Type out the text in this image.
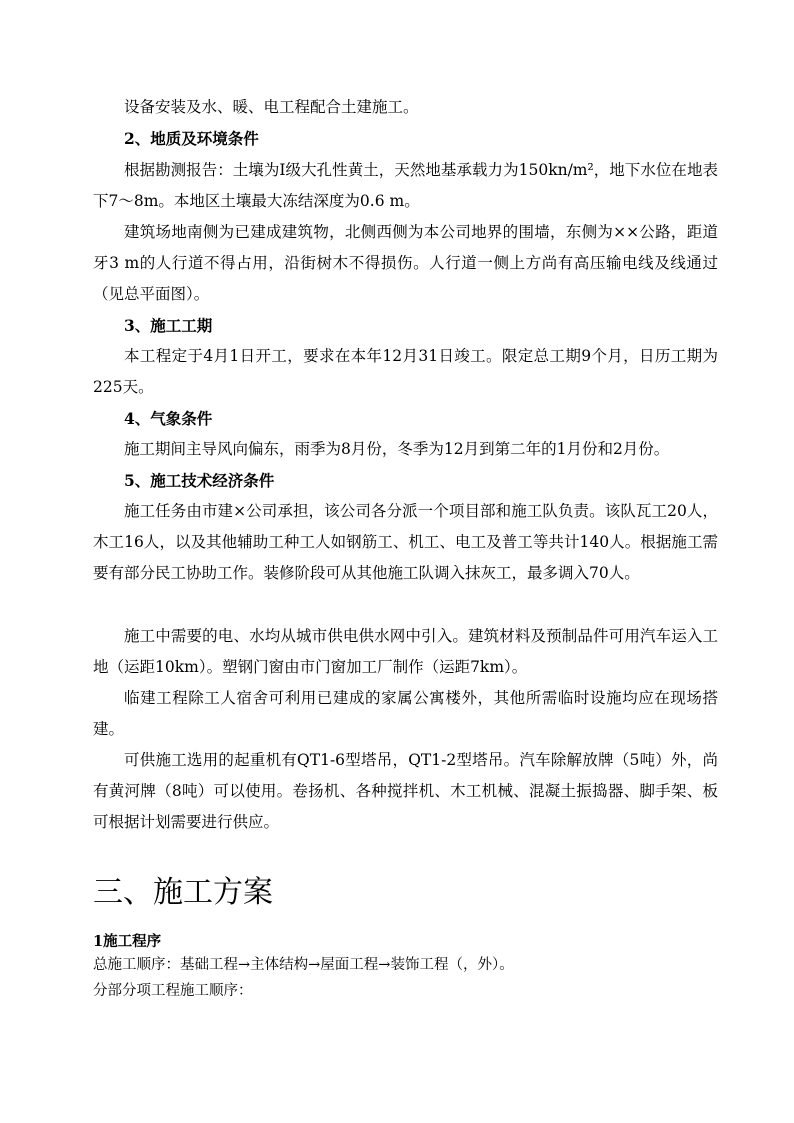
设备安装及水、暖、电工程配合土建施工。

2、地质及环境条件

根据勘测报告：土壤为Ⅰ级大孔性黄土，天然地基承载力为150kn/m²，地下水位在地表下7～8m。本地区土壤最大冻结深度为0.6 m。

建筑场地南侧为已建成建筑物，北侧西侧为本公司地界的围墙，东侧为××公路，距道牙3 m的人行道不得占用，沿街树木不得损伤。人行道一侧上方尚有高压输电线及线通过（见总平面图）。

3、施工工期

本工程定于4月1日开工，要求在本年12月31日竣工。限定总工期9个月，日历工期为225天。

4、气象条件

施工期间主导风向偏东，雨季为8月份，冬季为12月到第二年的1月份和2月份。

5、施工技术经济条件

施工任务由市建×公司承担，该公司各分派一个项目部和施工队负责。该队瓦工20人，木工16人，以及其他辅助工种工人如钢筋工、机工、电工及普工等共计140人。根据施工需要有部分民工协助工作。装修阶段可从其他施工队调入抹灰工，最多调入70人。

施工中需要的电、水均从城市供电供水网中引入。建筑材料及预制品件可用汽车运入工地（运距10km）。塑钢门窗由市门窗加工厂制作（运距7km）。

临建工程除工人宿舍可利用已建成的家属公寓楼外，其他所需临时设施均应在现场搭建。

可供施工选用的起重机有QT1-6型塔吊，QT1-2型塔吊。汽车除解放牌（5吨）外，尚有黄河牌（8吨）可以使用。卷扬机、各种搅拌机、木工机械、混凝土振捣器、脚手架、板可根据计划需要进行供应。

三、施工方案

1施工程序

总施工顺序：基础工程→主体结构→屋面工程→装饰工程（，外）。

分部分项工程施工顺序：
